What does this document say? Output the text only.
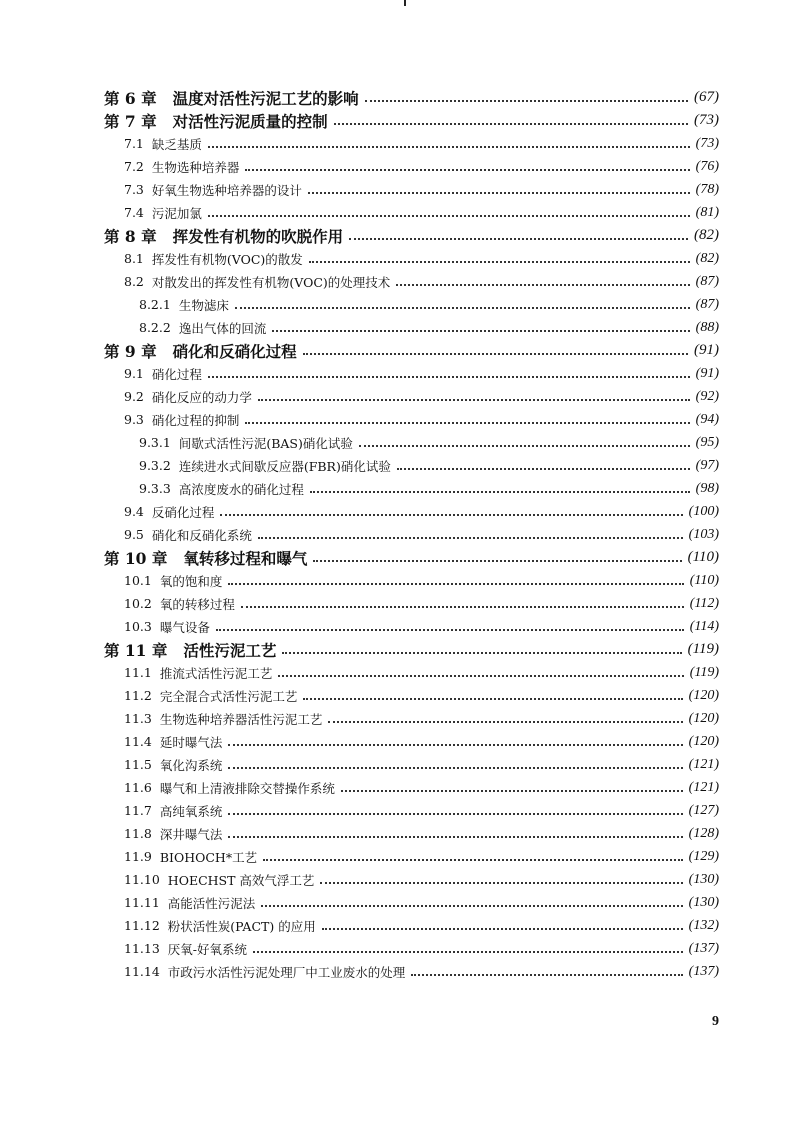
第 6 章 温度对活性污泥工艺的影响	(67)
第 7 章 对活性污泥质量的控制	(73)
7.1 缺乏基质	(73)
7.2 生物选种培养器	(76)
7.3 好氧生物选种培养器的设计	(78)
7.4 污泥加氯	(81)
第 8 章 挥发性有机物的吹脱作用	(82)
8.1 挥发性有机物(VOC)的散发	(82)
8.2 对散发出的挥发性有机物(VOC)的处理技术	(87)
8.2.1 生物滤床	(87)
8.2.2 逸出气体的回流	(88)
第 9 章 硝化和反硝化过程	(91)
9.1 硝化过程	(91)
9.2 硝化反应的动力学	(92)
9.3 硝化过程的抑制	(94)
9.3.1 间歇式活性污泥(BAS)硝化试验	(95)
9.3.2 连续进水式间歇反应器(FBR)硝化试验	(97)
9.3.3 高浓度废水的硝化过程	(98)
9.4 反硝化过程	(100)
9.5 硝化和反硝化系统	(103)
第 10 章 氧转移过程和曝气	(110)
10.1 氧的饱和度	(110)
10.2 氧的转移过程	(112)
10.3 曝气设备	(114)
第 11 章 活性污泥工艺	(119)
11.1 推流式活性污泥工艺	(119)
11.2 完全混合式活性污泥工艺	(120)
11.3 生物选种培养器活性污泥工艺	(120)
11.4 延时曝气法	(120)
11.5 氧化沟系统	(121)
11.6 曝气和上清液排除交替操作系统	(121)
11.7 高纯氧系统	(127)
11.8 深井曝气法	(128)
11.9 BIOHOCH*工艺	(129)
11.10 HOECHST 高效气浮工艺	(130)
11.11 高能活性污泥法	(130)
11.12 粉状活性炭(PACT) 的应用	(132)
11.13 厌氧-好氧系统	(137)
11.14 市政污水活性污泥处理厂中工业废水的处理	(137)
9
